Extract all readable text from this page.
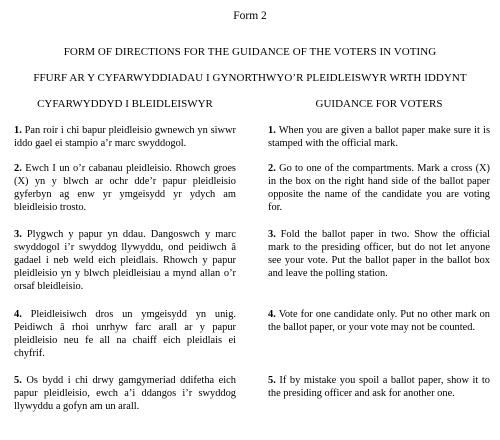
Form 2
FORM OF DIRECTIONS FOR THE GUIDANCE OF THE VOTERS IN VOTING
FFURF AR Y CYFARWYDDIADAU I GYNORTHWYO’R PLEIDLEISWYR WRTH IDDYNT
CYFARWYDDYD I BLEIDLEISWYR	GUIDANCE FOR VOTERS

1. Pan roir i chi bapur pleidleisio gwnewch yn siwwr iddo gael ei stampio a’r marc swyddogol.

2. Ewch I un o’r cabanau pleidleisio. Rhowch groes (X) yn y blwch ar ochr dde’r papur pleidleisio gyferbyn ag enw yr ymgeisydd yr ydych am bleidleisio trosto.

3. Plygwch y papur yn ddau. Dangoswch y marc swyddogol i’r swyddog llywyddu, ond peidiwch â gadael i neb weld eich pleidlais. Rhowch y papur pleidleisio yn y blwch pleidleisiau a mynd allan o’r orsaf bleidleisio.

4. Pleidleisiwch dros un ymgeisydd yn unig. Peidiwch â rhoi unrhyw farc arall ar y papur pleidleisio neu fe all na chaiff eich pleidlais ei chyfrif.

5. Os bydd i chi drwy gamgymeriad ddifetha eich papur pleidleisio, ewch a’i ddangos i’r swyddog llywyddu a gofyn am un arall.

1. When you are given a ballot paper make sure it is stamped with the official mark.

2. Go to one of the compartments. Mark a cross (X) in the box on the right hand side of the ballot paper opposite the name of the candidate you are voting for.

3. Fold the ballot paper in two. Show the official mark to the presiding officer, but do not let anyone see your vote. Put the ballot paper in the ballot box and leave the polling station.

4. Vote for one candidate only. Put no other mark on the ballot paper, or your vote may not be counted.

5. If by mistake you spoil a ballot paper, show it to the presiding officer and ask for another one.
